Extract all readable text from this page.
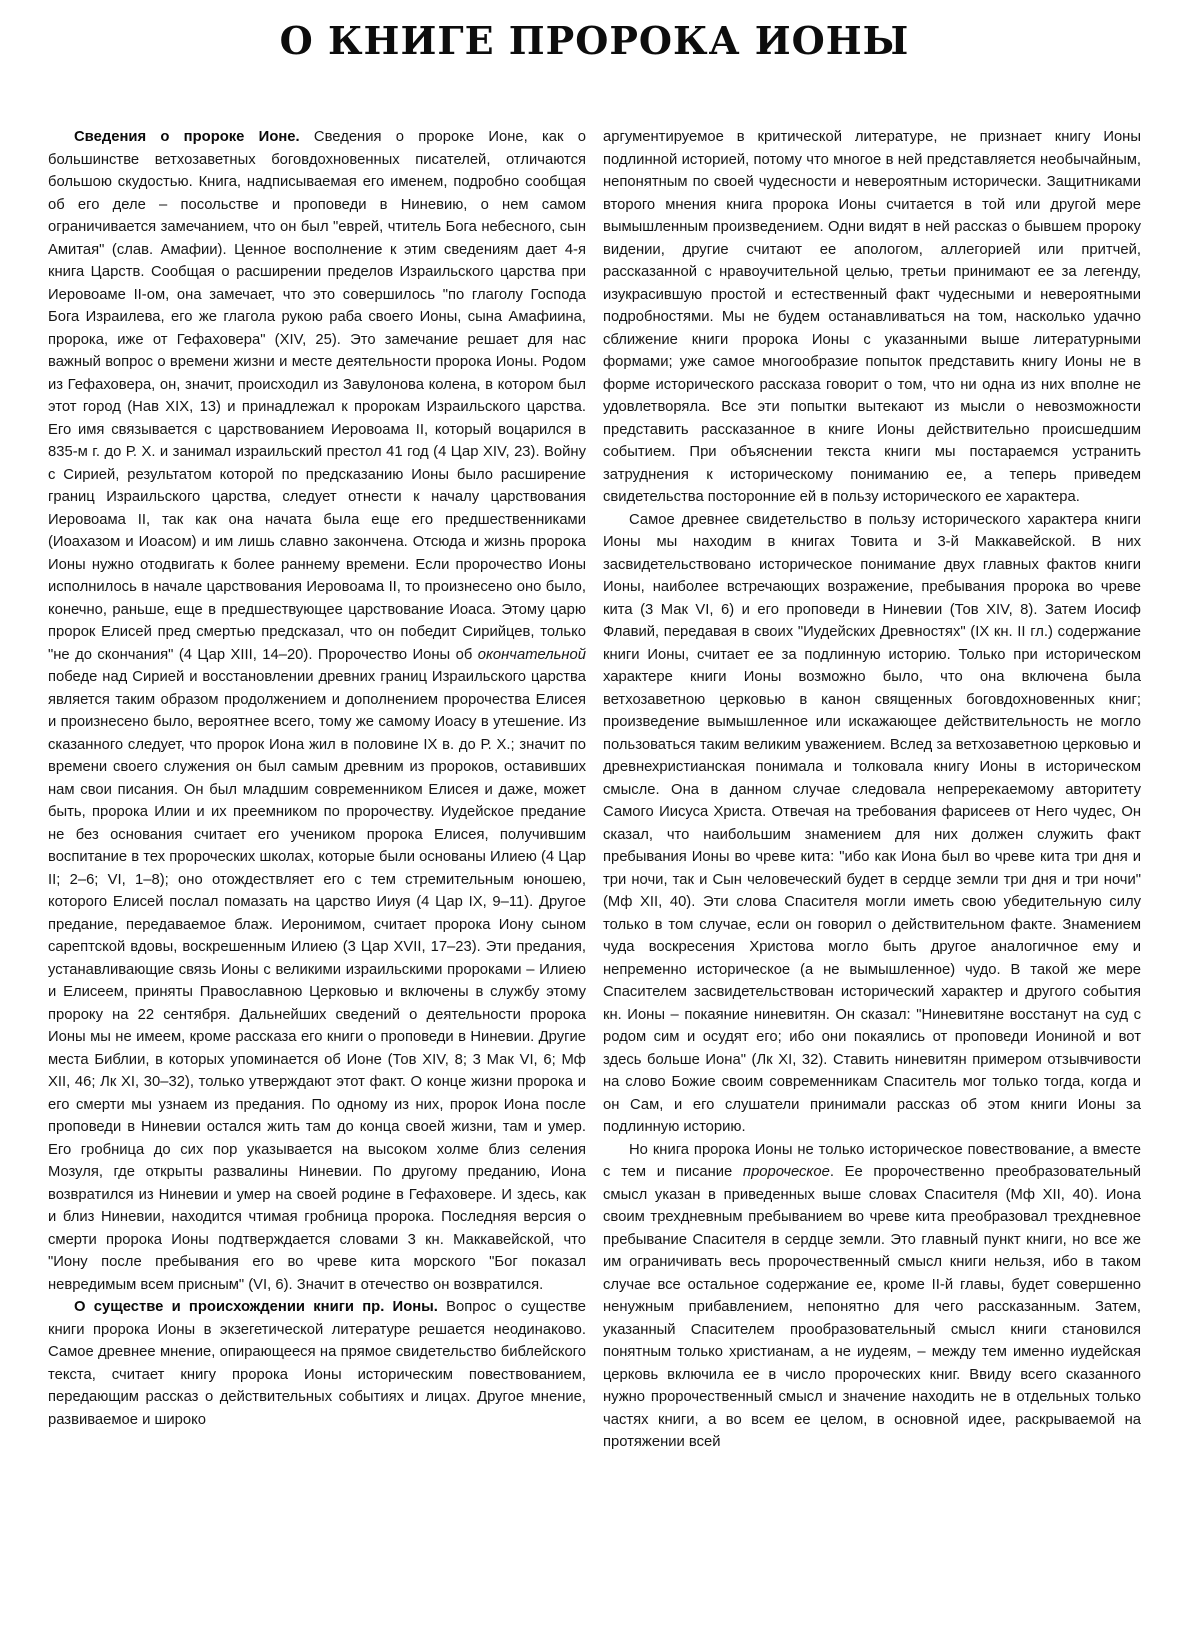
О КНИГЕ ПРОРОКА ИОНЫ

Сведения о пророке Ионе. Сведения о пророке Ионе, как о большинстве ветхозаветных боговдохновенных писателей, отличаются большою скудостью. Книга, надписываемая его именем, подробно сообщая об его деле – посольстве и проповеди в Ниневию, о нем самом ограничивается замечанием, что он был "еврей, чтитель Бога небесного, сын Амитая" (слав. Амафии). Ценное восполнение к этим сведениям дает 4-я книга Царств. Сообщая о расширении пределов Израильского царства при Иеровоаме II-ом, она замечает, что это совершилось "по глаголу Господа Бога Израилева, его же глагола рукою раба своего Ионы, сына Амафиина, пророка, иже от Гефаховера" (XIV, 25). Это замечание решает для нас важный вопрос о времени жизни и месте деятельности пророка Ионы. Родом из Гефаховера, он, значит, происходил из Завулонова колена, в котором был этот город (Нав XIX, 13) и принадлежал к пророкам Израильского царства. Его имя связывается с царствованием Иеровоама II, который воцарился в 835-м г. до Р. Х. и занимал израильский престол 41 год (4 Цар XIV, 23). Войну с Сирией, результатом которой по предсказанию Ионы было расширение границ Израильского царства, следует отнести к началу царствования Иеровоама II, так как она начата была еще его предшественниками (Иоахазом и Иоасом) и им лишь славно закончена. Отсюда и жизнь пророка Ионы нужно отодвигать к более раннему времени. Если пророчество Ионы исполнилось в начале царствования Иеровоама II, то произнесено оно было, конечно, раньше, еще в предшествующее царствование Иоаса. Этому царю пророк Елисей пред смертью предсказал, что он победит Сирийцев, только "не до скончания" (4 Цар XIII, 14–20). Пророчество Ионы об окончательной победе над Сирией и восстановлении древних границ Израильского царства является таким образом продолжением и дополнением пророчества Елисея и произнесено было, вероятнее всего, тому же самому Иоасу в утешение. Из сказанного следует, что пророк Иона жил в половине IX в. до Р. Х.; значит по времени своего служения он был самым древним из пророков, оставивших нам свои писания. Он был младшим современником Елисея и даже, может быть, пророка Илии и их преемником по пророчеству. Иудейское предание не без основания считает его учеником пророка Елисея, получившим воспитание в тех пророческих школах, которые были основаны Илиею (4 Цар II; 2–6; VI, 1–8); оно отождествляет его с тем стремительным юношею, которого Елисей послал помазать на царство Ииуя (4 Цар IX, 9–11). Другое предание, передаваемое блаж. Иеронимом, считает пророка Иону сыном сарептской вдовы, воскрешенным Илиею (3 Цар XVII, 17–23). Эти предания, устанавливающие связь Ионы с великими израильскими пророками – Илиею и Елисеем, приняты Православною Церковью и включены в службу этому пророку на 22 сентября. Дальнейших сведений о деятельности пророка Ионы мы не имеем, кроме рассказа его книги о проповеди в Ниневии. Другие места Библии, в которых упоминается об Ионе (Тов XIV, 8; 3 Мак VI, 6; Мф XII, 46; Лк XI, 30–32), только утверждают этот факт. О конце жизни пророка и его смерти мы узнаем из предания. По одному из них, пророк Иона после проповеди в Ниневии остался жить там до конца своей жизни, там и умер. Его гробница до сих пор указывается на высоком холме близ селения Мозуля, где открыты развалины Ниневии. По другому преданию, Иона возвратился из Ниневии и умер на своей родине в Гефаховере. И здесь, как и близ Ниневии, находится чтимая гробница пророка. Последняя версия о смерти пророка Ионы подтверждается словами 3 кн. Маккавейской, что "Иону после пребывания его во чреве кита морского "Бог показал невредимым всем присным" (VI, 6). Значит в отечество он возвратился.

О существе и происхождении книги пр. Ионы. Вопрос о существе книги пророка Ионы в экзегетической литературе решается неодинаково. Самое древнее мнение, опирающееся на прямое свидетельство библейского текста, считает книгу пророка Ионы историческим повествованием, передающим рассказ о действительных событиях и лицах. Другое мнение, развиваемое и широко

аргументируемое в критической литературе, не признает книгу Ионы подлинной историей, потому что многое в ней представляется необычайным, непонятным по своей чудесности и невероятным исторически. Защитниками второго мнения книга пророка Ионы считается в той или другой мере вымышленным произведением. Одни видят в ней рассказ о бывшем пророку видении, другие считают ее апологом, аллегорией или притчей, рассказанной с нравоучительной целью, третьи принимают ее за легенду, изукрасившую простой и естественный факт чудесными и невероятными подробностями. Мы не будем останавливаться на том, насколько удачно сближение книги пророка Ионы с указанными выше литературными формами; уже самое многообразие попыток представить книгу Ионы не в форме исторического рассказа говорит о том, что ни одна из них вполне не удовлетворяла. Все эти попытки вытекают из мысли о невозможности представить рассказанное в книге Ионы действительно происшедшим событием. При объяснении текста книги мы постараемся устранить затруднения к историческому пониманию ее, а теперь приведем свидетельства посторонние ей в пользу исторического ее характера.

Самое древнее свидетельство в пользу исторического характера книги Ионы мы находим в книгах Товита и 3-й Маккавейской. В них засвидетельствовано историческое понимание двух главных фактов книги Ионы, наиболее встречающих возражение, пребывания пророка во чреве кита (3 Мак VI, 6) и его проповеди в Ниневии (Тов XIV, 8). Затем Иосиф Флавий, передавая в своих "Иудейских Древностях" (IX кн. II гл.) содержание книги Ионы, считает ее за подлинную историю. Только при историческом характере книги Ионы возможно было, что она включена была ветхозаветною церковью в канон священных боговдохновенных книг; произведение вымышленное или искажающее действительность не могло пользоваться таким великим уважением. Вслед за ветхозаветною церковью и древнехристианская понимала и толковала книгу Ионы в историческом смысле. Она в данном случае следовала непререкаемому авторитету Самого Иисуса Христа. Отвечая на требования фарисеев от Него чудес, Он сказал, что наибольшим знамением для них должен служить факт пребывания Ионы во чреве кита: "ибо как Иона был во чреве кита три дня и три ночи, так и Сын человеческий будет в сердце земли три дня и три ночи" (Мф XII, 40). Эти слова Спасителя могли иметь свою убедительную силу только в том случае, если он говорил о действительном факте. Знамением чуда воскресения Христова могло быть другое аналогичное ему и непременно историческое (а не вымышленное) чудо. В такой же мере Спасителем засвидетельствован исторический характер и другого события кн. Ионы – покаяние ниневитян. Он сказал: "Ниневитяне восстанут на суд с родом сим и осудят его; ибо они покаялись от проповеди Иониной и вот здесь больше Иона" (Лк XI, 32). Ставить ниневитян примером отзывчивости на слово Божие своим современникам Спаситель мог только тогда, когда и он Сам, и его слушатели принимали рассказ об этом книги Ионы за подлинную историю.

Но книга пророка Ионы не только историческое повествование, а вместе с тем и писание пророческое. Ее пророчественно преобразовательный смысл указан в приведенных выше словах Спасителя (Мф XII, 40). Иона своим трехдневным пребыванием во чреве кита преобразовал трехдневное пребывание Спасителя в сердце земли. Это главный пункт книги, но все же им ограничивать весь пророчественный смысл книги нельзя, ибо в таком случае все остальное содержание ее, кроме II-й главы, будет совершенно ненужным прибавлением, непонятно для чего рассказанным. Затем, указанный Спасителем прообразовательный смысл книги становился понятным только христианам, а не иудеям, – между тем именно иудейская церковь включила ее в число пророческих книг. Ввиду всего сказанного нужно пророчественный смысл и значение находить не в отдельных только частях книги, а во всем ее целом, в основной идее, раскрываемой на протяжении всей
